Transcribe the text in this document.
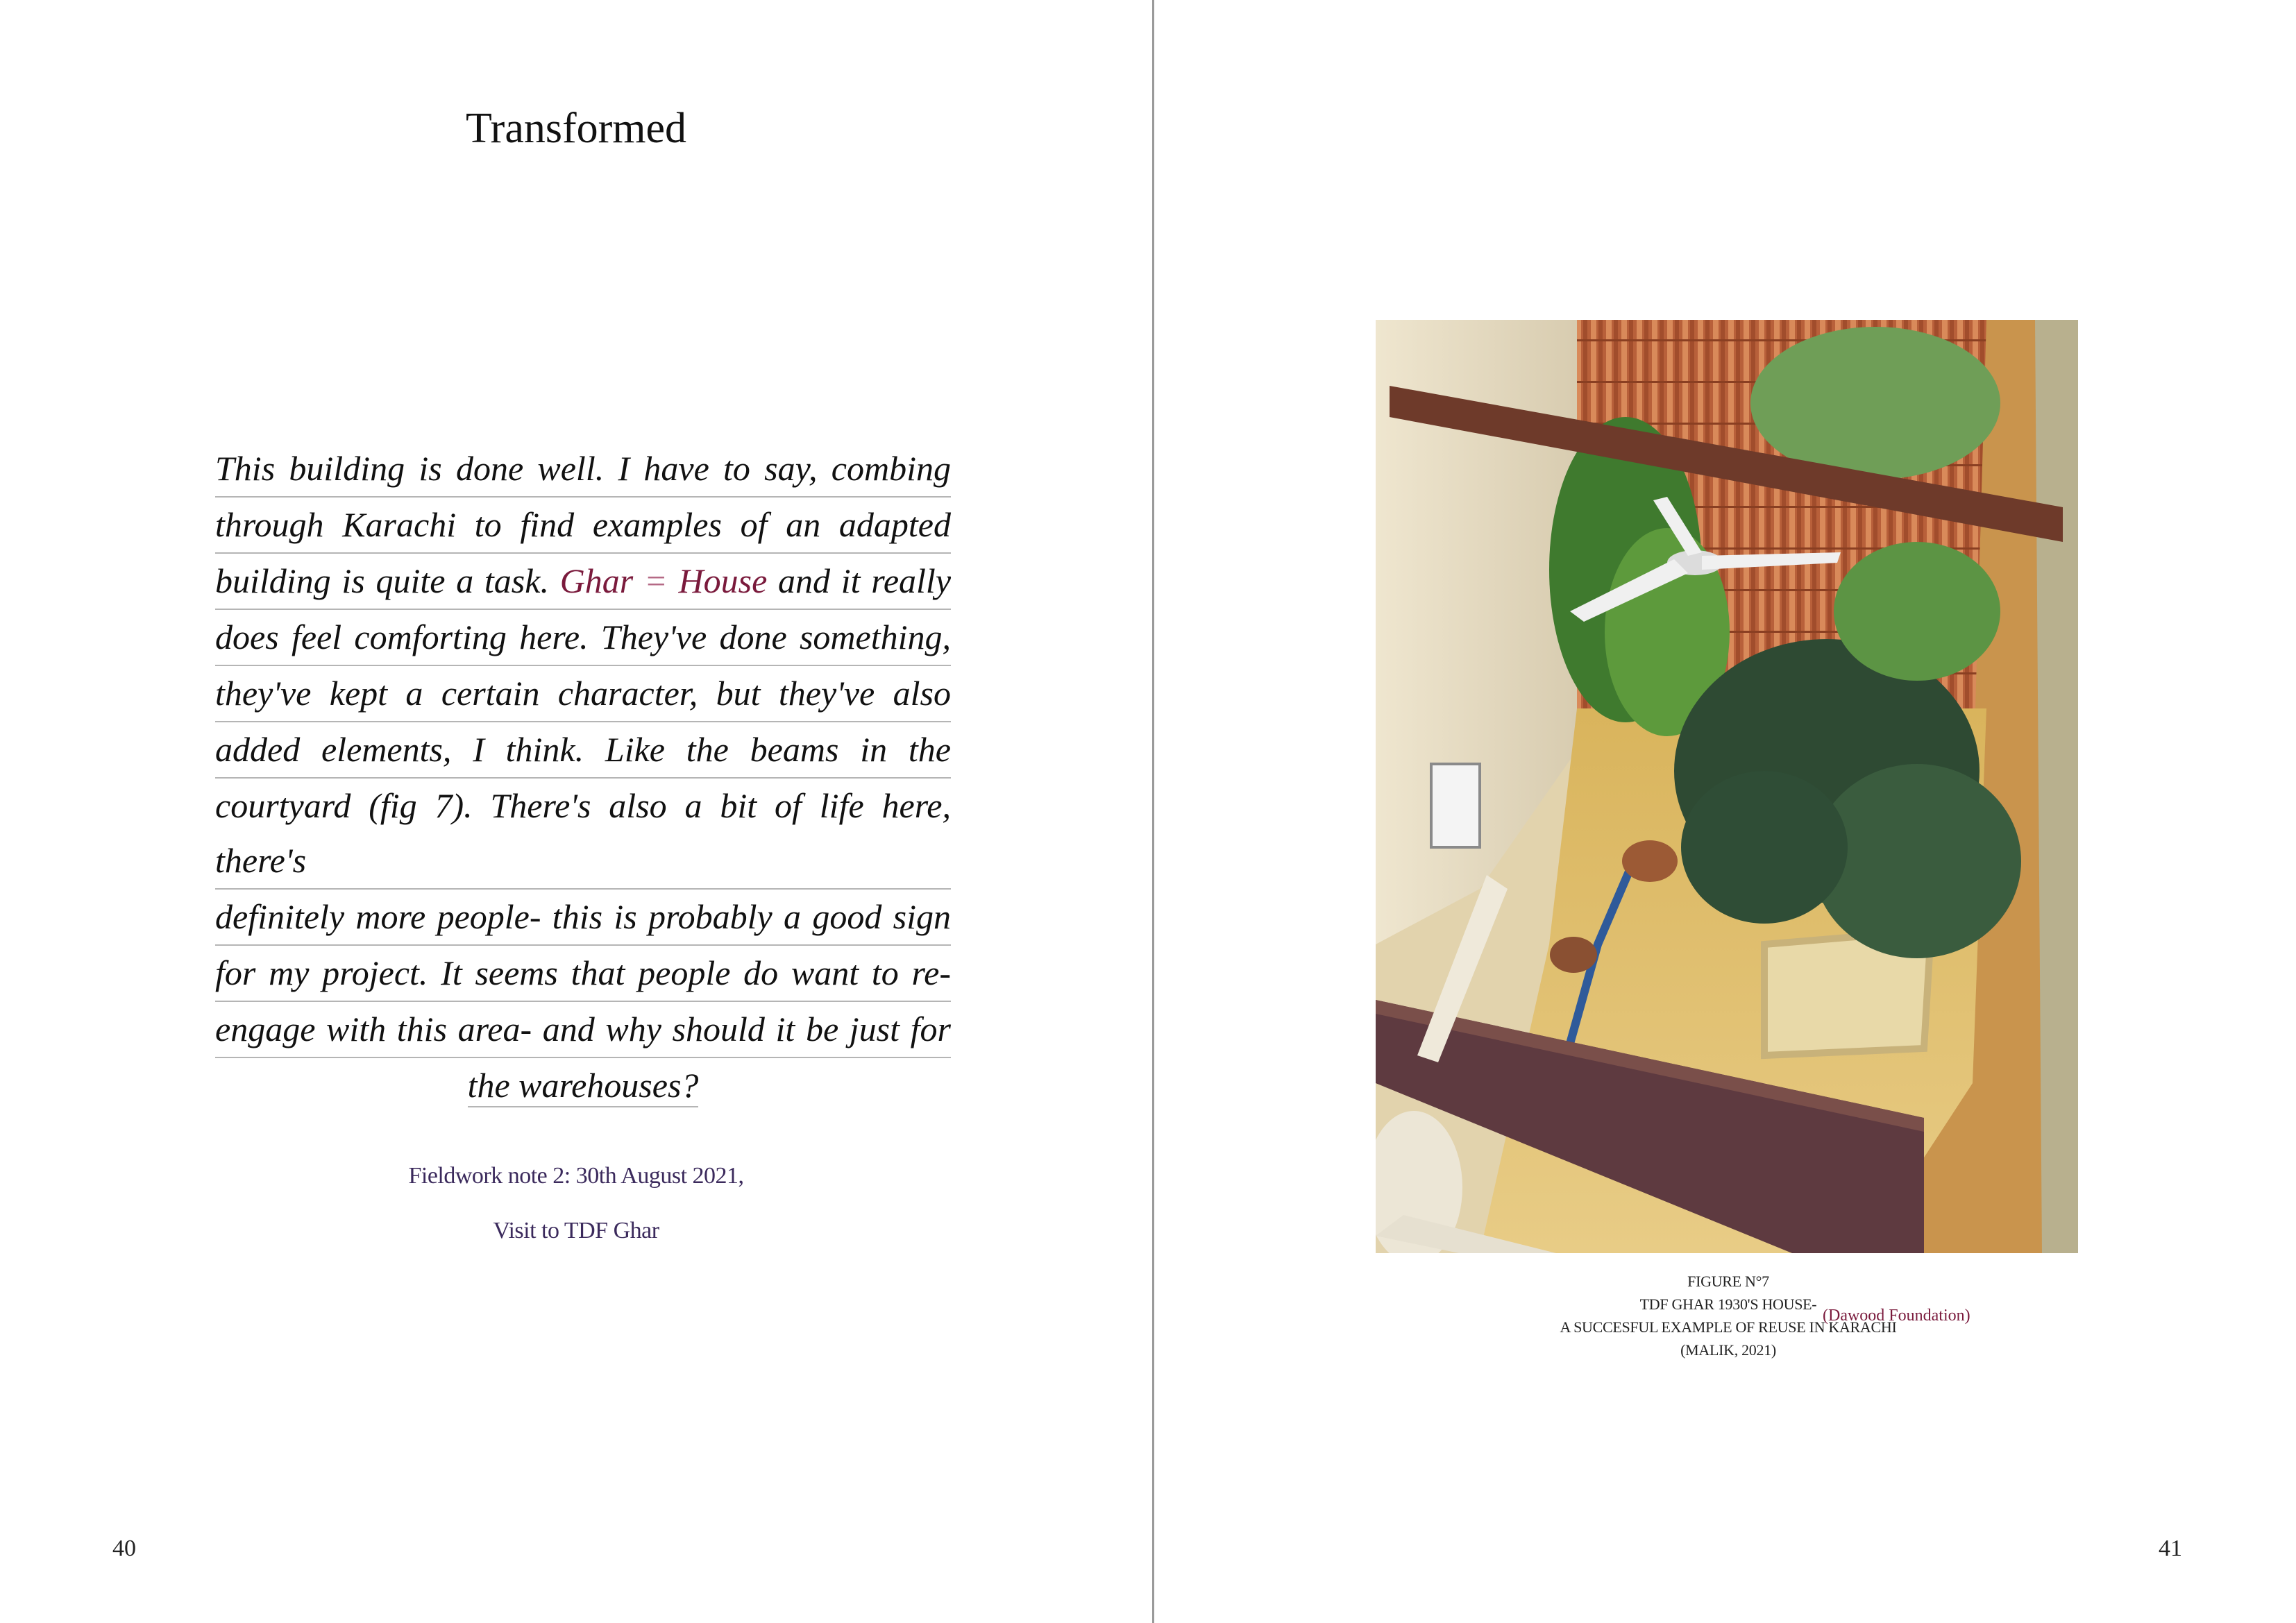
Transformed
This building is done well. I have to say, combing
through Karachi to find examples of an adapted
building is quite a task. Ghar = House and it really
does feel comforting here. They've done something,
they've kept a certain character, but they've also
added elements, I think. Like the beams in the
courtyard (fig 7). There's also a bit of life here, there's
definitely more people- this is probably a good sign
for my project. It seems that people do want to re-
engage with this area- and why should it be just for
the warehouses?
Fieldwork note 2: 30th August 2021,
Visit to TDF Ghar
40
FIGURE N°7
TDF GHAR 1930'S HOUSE-
A SUCCESFUL EXAMPLE OF REUSE IN KARACHI
(MALIK, 2021)
(Dawood Foundation)
41
